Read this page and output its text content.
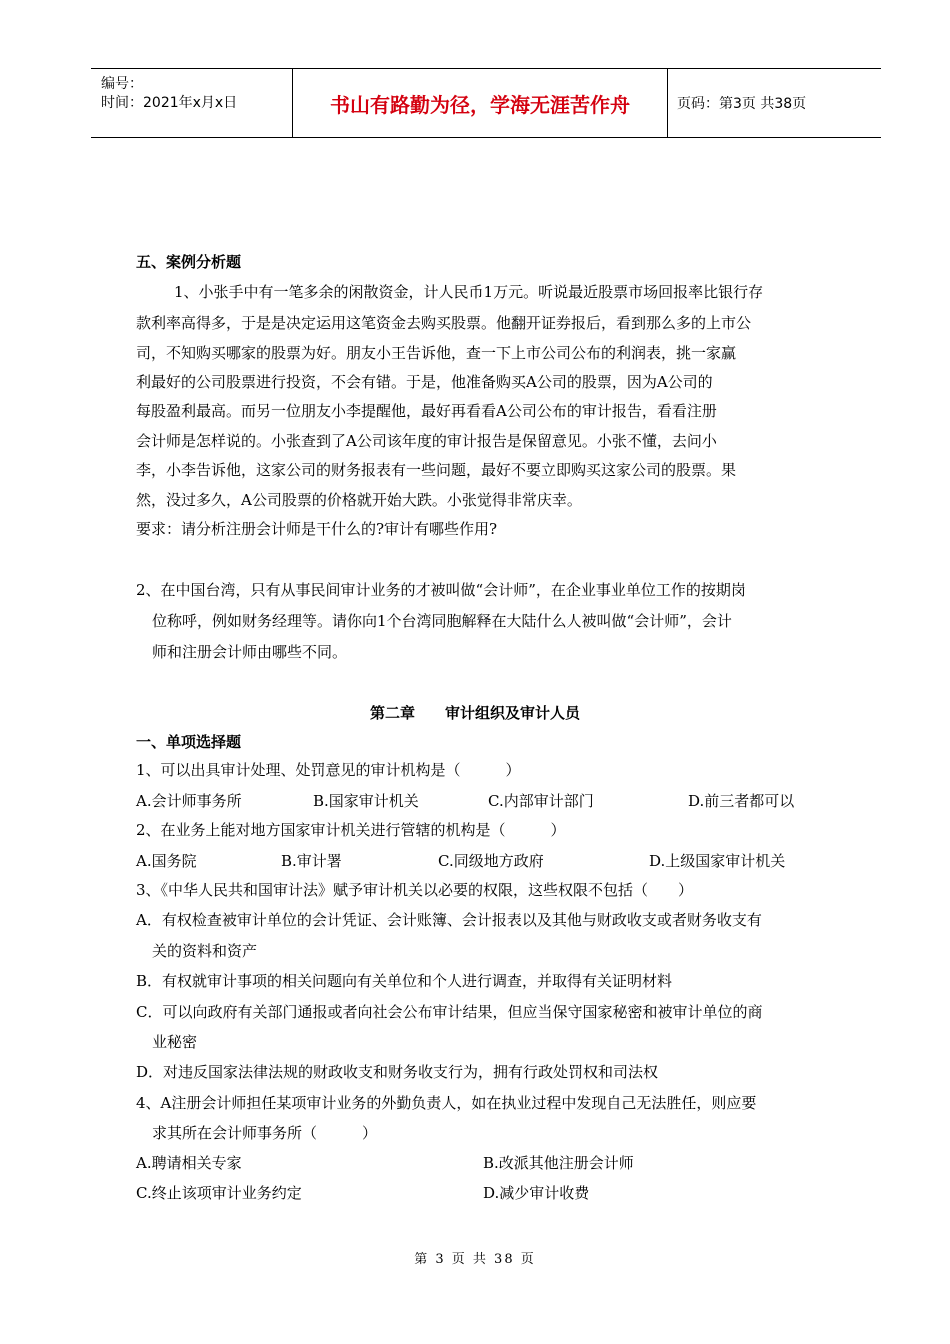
编号：
时间：2021年x月x日	书山有路勤为径，学海无涯苦作舟	页码：第3页 共38页
五、案例分析题
1、小张手中有一笔多余的闲散资金，计人民币1万元。听说最近股票市场回报率比银行存
款利率高得多，于是是决定运用这笔资金去购买股票。他翻开证券报后，看到那么多的上市公
司，不知购买哪家的股票为好。朋友小王告诉他，查一下上市公司公布的利润表，挑一家赢
利最好的公司股票进行投资，不会有错。于是，他准备购买A公司的股票，因为A公司的
每股盈利最高。而另一位朋友小李提醒他，最好再看看A公司公布的审计报告，看看注册
会计师是怎样说的。小张查到了A公司该年度的审计报告是保留意见。小张不懂，去问小
李，小李告诉他，这家公司的财务报表有一些问题，最好不要立即购买这家公司的股票。果
然，没过多久，A公司股票的价格就开始大跌。小张觉得非常庆幸。
要求：请分析注册会计师是干什么的?审计有哪些作用?
2、在中国台湾，只有从事民间审计业务的才被叫做“会计师”，在企业事业单位工作的按期岗
位称呼，例如财务经理等。请你向1个台湾同胞解释在大陆什么人被叫做“会计师”，会计
师和注册会计师由哪些不同。
第二章　　审计组织及审计人员
一、单项选择题
1、可以出具审计处理、处罚意见的审计机构是（　　　）
A.会计师事务所	B.国家审计机关	C.内部审计部门	D.前三者都可以
2、在业务上能对地方国家审计机关进行管辖的机构是（　　　）
A.国务院	B.审计署	C.同级地方政府	D.上级国家审计机关
3、《中华人民共和国审计法》赋予审计机关以必要的权限，这些权限不包括（　　）
A．有权检查被审计单位的会计凭证、会计账簿、会计报表以及其他与财政收支或者财务收支有
关的资料和资产
B．有权就审计事项的相关问题向有关单位和个人进行调查，并取得有关证明材料
C．可以向政府有关部门通报或者向社会公布审计结果，但应当保守国家秘密和被审计单位的商
业秘密
D．对违反国家法律法规的财政收支和财务收支行为，拥有行政处罚权和司法权
4、A注册会计师担任某项审计业务的外勤负责人，如在执业过程中发现自己无法胜任，则应要
求其所在会计师事务所（　　　）
A.聘请相关专家	B.改派其他注册会计师
C.终止该项审计业务约定	D.减少审计收费
第 3 页 共 38 页
